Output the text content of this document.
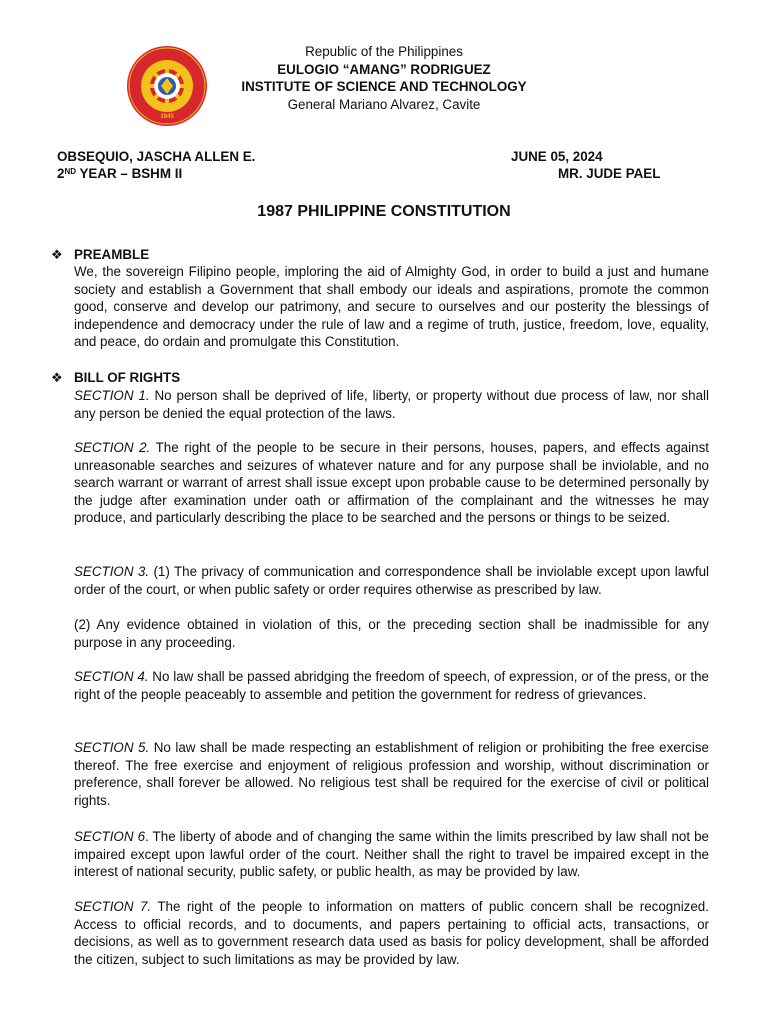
1945
Republic of the Philippines
EULOGIO “AMANG” RODRIGUEZ
INSTITUTE OF SCIENCE AND TECHNOLOGY
General Mariano Alvarez, Cavite
OBSEQUIO, JASCHA ALLEN E.
2ND YEAR – BSHM II
JUNE 05, 2024
MR. JUDE PAEL
1987 PHILIPPINE CONSTITUTION
❖ PREAMBLE
We, the sovereign Filipino people, imploring the aid of Almighty God, in order to build a just and humane society and establish a Government that shall embody our ideals and aspirations, promote the common good, conserve and develop our patrimony, and secure to ourselves and our posterity the blessings of independence and democracy under the rule of law and a regime of truth, justice, freedom, love, equality, and peace, do ordain and promulgate this Constitution.
❖ BILL OF RIGHTS
SECTION 1. No person shall be deprived of life, liberty, or property without due process of law, nor shall any person be denied the equal protection of the laws.
SECTION 2. The right of the people to be secure in their persons, houses, papers, and effects against unreasonable searches and seizures of whatever nature and for any purpose shall be inviolable, and no search warrant or warrant of arrest shall issue except upon probable cause to be determined personally by the judge after examination under oath or affirmation of the complainant and the witnesses he may produce, and particularly describing the place to be searched and the persons or things to be seized.
SECTION 3. (1) The privacy of communication and correspondence shall be inviolable except upon lawful order of the court, or when public safety or order requires otherwise as prescribed by law.
(2) Any evidence obtained in violation of this, or the preceding section shall be inadmissible for any purpose in any proceeding.
SECTION 4. No law shall be passed abridging the freedom of speech, of expression, or of the press, or the right of the people peaceably to assemble and petition the government for redress of grievances.
SECTION 5. No law shall be made respecting an establishment of religion or prohibiting the free exercise thereof. The free exercise and enjoyment of religious profession and worship, without discrimination or preference, shall forever be allowed. No religious test shall be required for the exercise of civil or political rights.
SECTION 6. The liberty of abode and of changing the same within the limits prescribed by law shall not be impaired except upon lawful order of the court. Neither shall the right to travel be impaired except in the interest of national security, public safety, or public health, as may be provided by law.
SECTION 7. The right of the people to information on matters of public concern shall be recognized. Access to official records, and to documents, and papers pertaining to official acts, transactions, or decisions, as well as to government research data used as basis for policy development, shall be afforded the citizen, subject to such limitations as may be provided by law.
